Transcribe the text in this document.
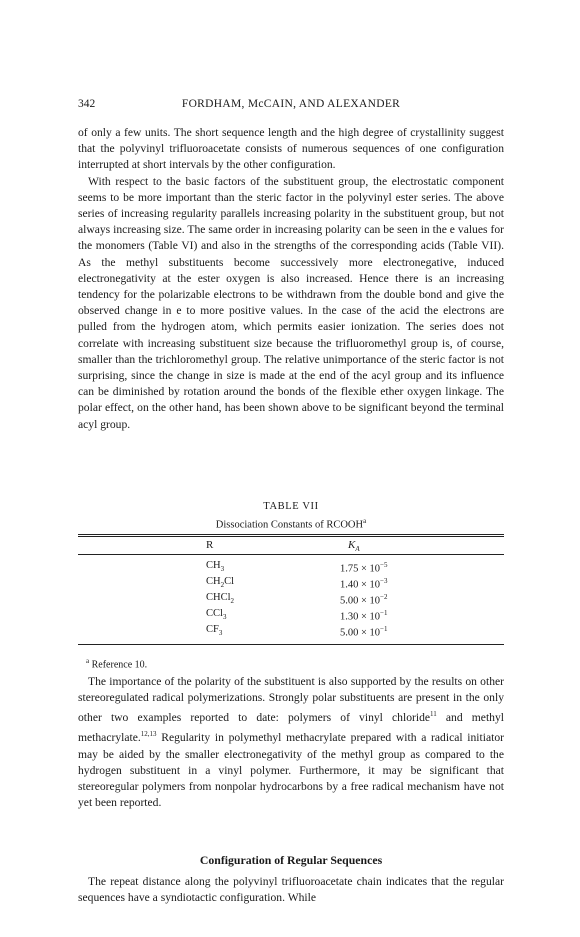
342	FORDHAM, McCAIN, AND ALEXANDER

of only a few units. The short sequence length and the high degree of crystallinity suggest that the polyvinyl trifluoroacetate consists of numerous sequences of one configuration interrupted at short intervals by the other configuration.

With respect to the basic factors of the substituent group, the electrostatic component seems to be more important than the steric factor in the polyvinyl ester series. The above series of increasing regularity parallels increasing polarity in the substituent group, but not always increasing size. The same order in increasing polarity can be seen in the e values for the monomers (Table VI) and also in the strengths of the corresponding acids (Table VII). As the methyl substituents become successively more electronegative, induced electronegativity at the ester oxygen is also increased. Hence there is an increasing tendency for the polarizable electrons to be withdrawn from the double bond and give the observed change in e to more positive values. In the case of the acid the electrons are pulled from the hydrogen atom, which permits easier ionization. The series does not correlate with increasing substituent size because the trifluoromethyl group is, of course, smaller than the trichloromethyl group. The relative unimportance of the steric factor is not surprising, since the change in size is made at the end of the acyl group and its influence can be diminished by rotation around the bonds of the flexible ether oxygen linkage. The polar effect, on the other hand, has been shown above to be significant beyond the terminal acyl group.

TABLE VII
Dissociation Constants of RCOOH$^a$
R	$K_A$
$CH_3$	$1.75 \times 10^{-5}$
$CH_2Cl$	$1.40 \times 10^{-3}$
CHCl$_2$	$5.00 \times 10^{-2}$
CCl$_3$	$1.30 \times 10^{-1}$
$CF_3$	$5.00 \times 10^{-1}$
$^a$ Reference 10.

The importance of the polarity of the substituent is also supported by the results on other stereoregulated radical polymerizations. Strongly polar substituents are present in the only other two examples reported to date: polymers of vinyl chloride$^{11}$ and methyl methacrylate.$^{12,13}$ Regularity in polymethyl methacrylate prepared with a radical initiator may be aided by the smaller electronegativity of the methyl group as compared to the hydrogen substituent in a vinyl polymer. Furthermore, it may be significant that stereoregular polymers from nonpolar hydrocarbons by a free radical mechanism have not yet been reported.

Configuration of Regular Sequences

The repeat distance along the polyvinyl trifluoroacetate chain indicates that the regular sequences have a syndiotactic configuration. While
